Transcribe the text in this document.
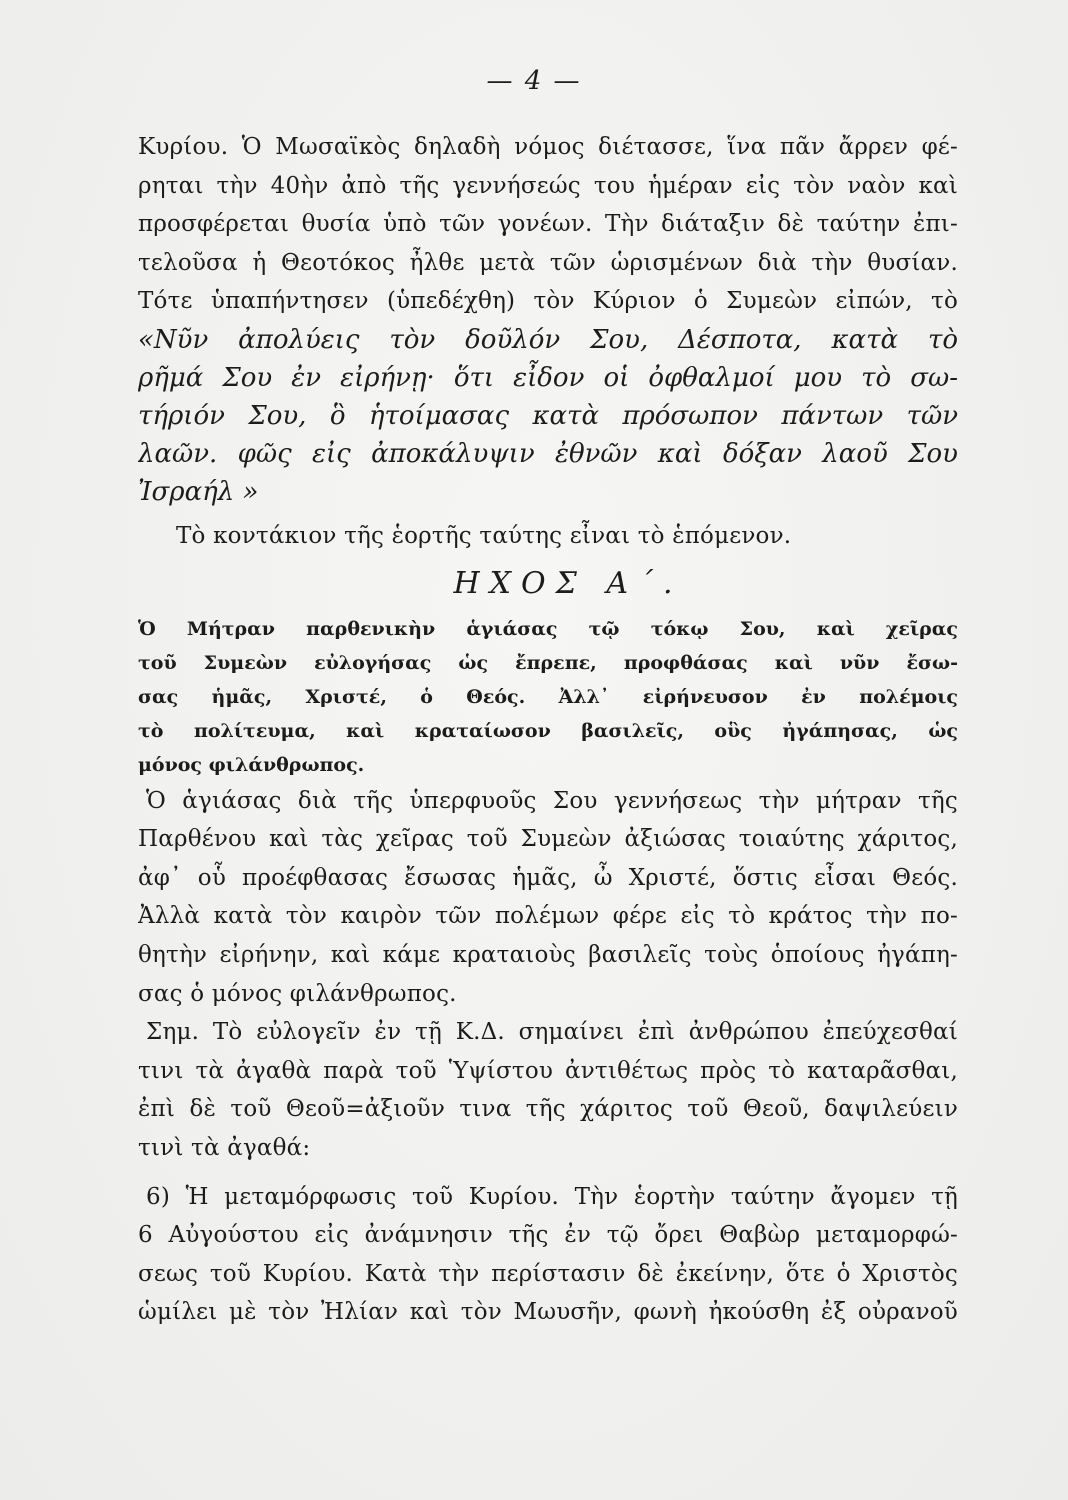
— 4 —
Κυρίου. Ὁ Μωσαϊκὸς δηλαδὴ νόμος διέτασσε, ἵνα πᾶν ἄρρεν φέ-
ρηται τὴν 40ὴν ἀπὸ τῆς γεννήσεώς του ἡμέραν εἰς τὸν ναὸν καὶ
προσφέρεται θυσία ὑπὸ τῶν γονέων. Τὴν διάταξιν δὲ ταύτην ἐπι-
τελοῦσα ἡ Θεοτόκος ἦλθε μετὰ τῶν ὡρισμένων διὰ τὴν θυσίαν.
Τότε ὑπαπήντησεν (ὑπεδέχθη) τὸν Κύριον ὁ Συμεὼν εἰπών, τὸ
«Νῦν ἀπολύεις τὸν δοῦλόν Σου, Δέσποτα, κατὰ τὸ
ρῆμά Σου ἐν εἰρήνῃ· ὅτι εἶδον οἱ ὀφθαλμοί μου τὸ σω-
τήριόν Σου, ὃ ἡτοίμασας κατὰ πρόσωπον πάντων τῶν
λαῶν. φῶς εἰς ἀποκάλυψιν ἐθνῶν καὶ δόξαν λαοῦ Σου
Ἰσραήλ »
Τὸ κοντάκιον τῆς ἑορτῆς ταύτης εἶναι τὸ ἑπόμενον.
ΗΧΟΣ Α΄.
Ὁ Μήτραν παρθενικὴν ἁγιάσας τῷ τόκῳ Σου, καὶ χεῖρας
τοῦ Συμεὼν εὐλογήσας ὡς ἔπρεπε, προφθάσας καὶ νῦν ἔσω-
σας ἡμᾶς, Χριστέ, ὁ Θεός. Ἀλλ᾽ εἰρήνευσον ἐν πολέμοις
τὸ πολίτευμα, καὶ κραταίωσον βασιλεῖς, οὓς ἠγάπησας, ὡς
μόνος φιλάνθρωπος.
Ὁ ἁγιάσας διὰ τῆς ὑπερφυοῦς Σου γεννήσεως τὴν μήτραν τῆς
Παρθένου καὶ τὰς χεῖρας τοῦ Συμεὼν ἀξιώσας τοιαύτης χάριτος,
ἀφ᾽ οὗ προέφθασας ἔσωσας ἡμᾶς, ὦ Χριστέ, ὅστις εἶσαι Θεός.
Ἀλλὰ κατὰ τὸν καιρὸν τῶν πολέμων φέρε εἰς τὸ κράτος τὴν πο-
θητὴν εἰρήνην, καὶ κάμε κραταιοὺς βασιλεῖς τοὺς ὁποίους ἠγάπη-
σας ὁ μόνος φιλάνθρωπος.
Σημ. Τὸ εὐλογεῖν ἐν τῇ Κ.Δ. σημαίνει ἐπὶ ἀνθρώπου ἐπεύχεσθαί
τινι τὰ ἀγαθὰ παρὰ τοῦ Ὑψίστου ἀντιθέτως πρὸς τὸ καταρᾶσθαι,
ἐπὶ δὲ τοῦ Θεοῦ=ἀξιοῦν τινα τῆς χάριτος τοῦ Θεοῦ, δαψιλεύειν
τινὶ τὰ ἀγαθά:
6) Ἡ μεταμόρφωσις τοῦ Κυρίου. Τὴν ἑορτὴν ταύτην ἄγομεν τῇ
6 Αὐγούστου εἰς ἀνάμνησιν τῆς ἐν τῷ ὄρει Θαβὼρ μεταμορφώ-
σεως τοῦ Κυρίου. Κατὰ τὴν περίστασιν δὲ ἐκείνην, ὅτε ὁ Χριστὸς
ὡμίλει μὲ τὸν Ἠλίαν καὶ τὸν Μωυσῆν, φωνὴ ἠκούσθη ἐξ οὐρανοῦ
